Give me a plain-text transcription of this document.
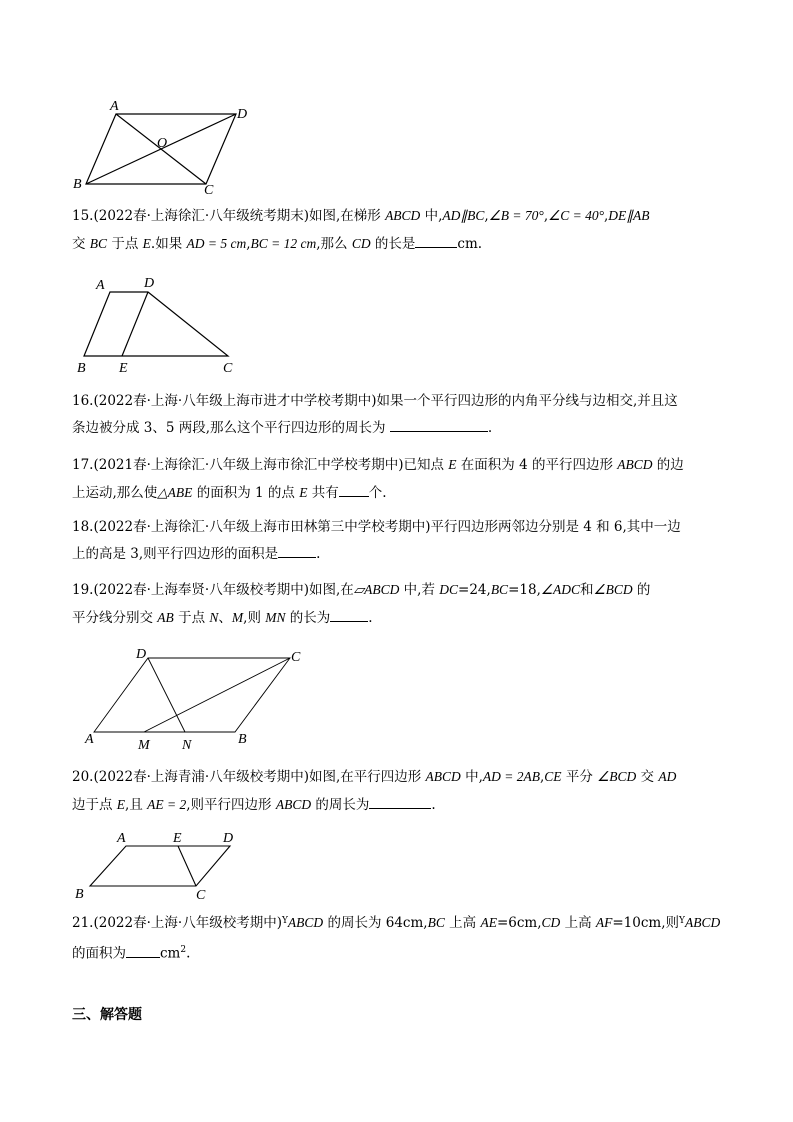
A
D
O
B	C

15.(2022春·上海徐汇·八年级统考期末)如图,在梯形 ABCD 中,AD∥BC,∠B = 70°,∠C = 40°,DE∥AB
交 BC 于点 E.如果 AD = 5 cm,BC = 12 cm,那么 CD 的长是	cm.

A	D
B E	C

16.(2022春·上海·八年级上海市进才中学校考期中)如果一个平行四边形的内角平分线与边相交,并且这
条边被分成 3、5 两段,那么这个平行四边形的周长为	.

17.(2021春·上海徐汇·八年级上海市徐汇中学校考期中)已知点 E 在面积为 4 的平行四边形 ABCD 的边
上运动,那么使△ABE 的面积为 1 的点 E 共有 个.

18.(2022春·上海徐汇·八年级上海市田林第三中学校考期中)平行四边形两邻边分别是 4 和 6,其中一边
上的高是 3,则平行四边形的面积是	.

19.(2022春·上海奉贤·八年级校考期中)如图,在▱ABCD 中,若 DC=24,BC=18,∠ADC和∠BCD 的
平分线分别交 AB 于点 N、M,则 MN 的长为	.

D	C
A	M N	B

20.(2022春·上海青浦·八年级校考期中)如图,在平行四边形 ABCD 中,AD = 2AB,CE 平分 ∠BCD 交 AD
边于点 E,且 AE = 2,则平行四边形 ABCD 的周长为	.

A	E	D
B	C

21.(2022春·上海·八年级校考期中)$^Y$ABCD 的周长为 64cm,BC 上高 AE=6cm,CD 上高 AF=10cm,则$^Y$ABCD
的面积为	$cm^2$.

三、解答题
